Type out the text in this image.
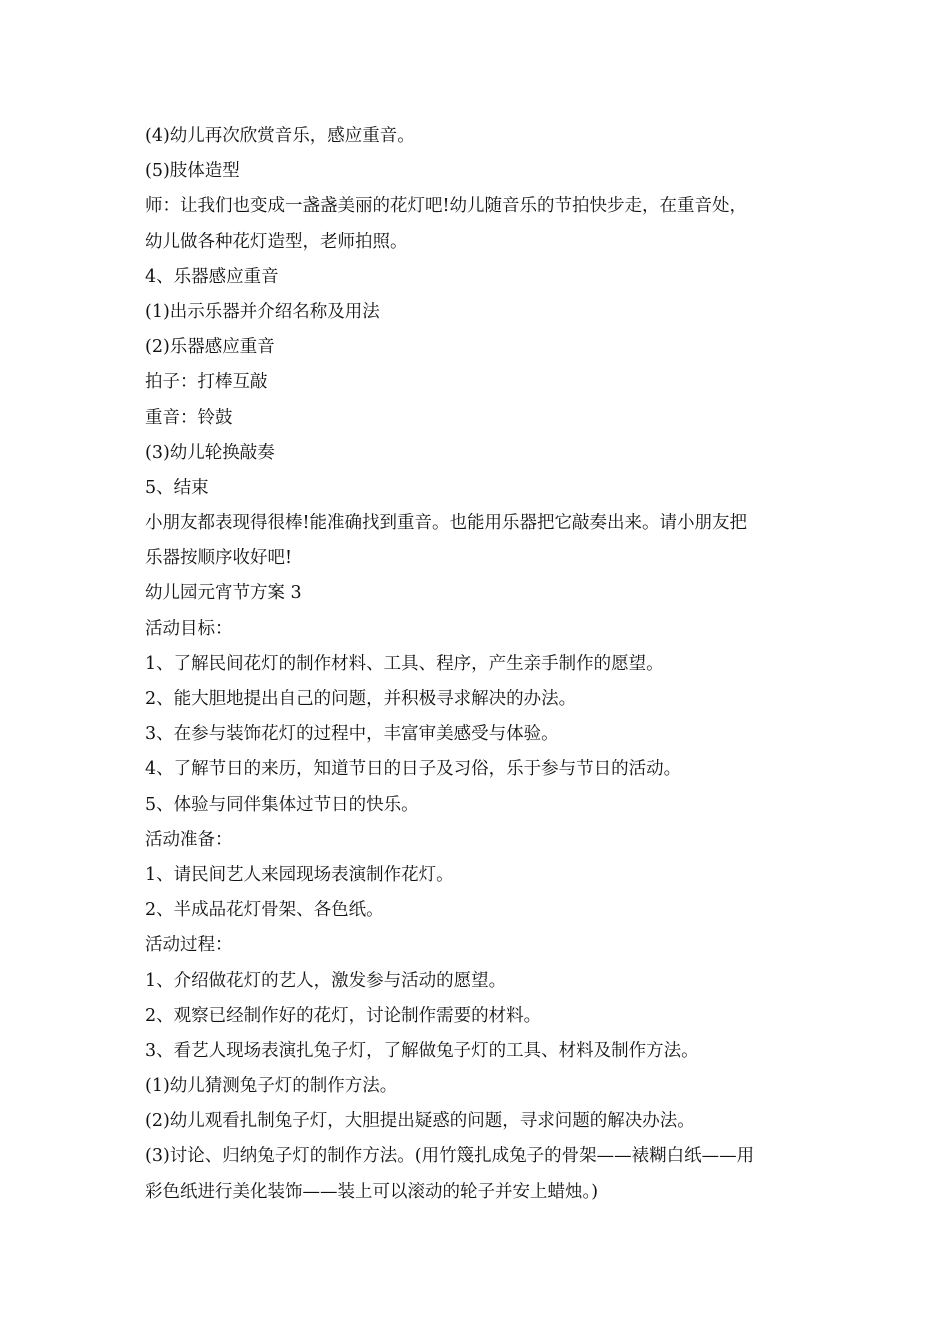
(4)幼儿再次欣赏音乐，感应重音。
(5)肢体造型
师：让我们也变成一盏盏美丽的花灯吧!幼儿随音乐的节拍快步走，在重音处，
幼儿做各种花灯造型，老师拍照。
4、乐器感应重音
(1)出示乐器并介绍名称及用法
(2)乐器感应重音
拍子：打棒互敲
重音：铃鼓
(3)幼儿轮换敲奏
5、结束
小朋友都表现得很棒!能准确找到重音。也能用乐器把它敲奏出来。请小朋友把
乐器按顺序收好吧!
幼儿园元宵节方案 3
活动目标：
1、了解民间花灯的制作材料、工具、程序，产生亲手制作的愿望。
2、能大胆地提出自己的问题，并积极寻求解决的办法。
3、在参与装饰花灯的过程中，丰富审美感受与体验。
4、了解节日的来历，知道节日的日子及习俗，乐于参与节日的活动。
5、体验与同伴集体过节日的快乐。
活动准备：
1、请民间艺人来园现场表演制作花灯。
2、半成品花灯骨架、各色纸。
活动过程：
1、介绍做花灯的艺人，激发参与活动的愿望。
2、观察已经制作好的花灯，讨论制作需要的材料。
3、看艺人现场表演扎兔子灯，了解做兔子灯的工具、材料及制作方法。
(1)幼儿猜测兔子灯的制作方法。
(2)幼儿观看扎制兔子灯，大胆提出疑惑的问题，寻求问题的解决办法。
(3)讨论、归纳兔子灯的制作方法。(用竹篾扎成兔子的骨架——裱糊白纸——用
彩色纸进行美化装饰——装上可以滚动的轮子并安上蜡烛。)
